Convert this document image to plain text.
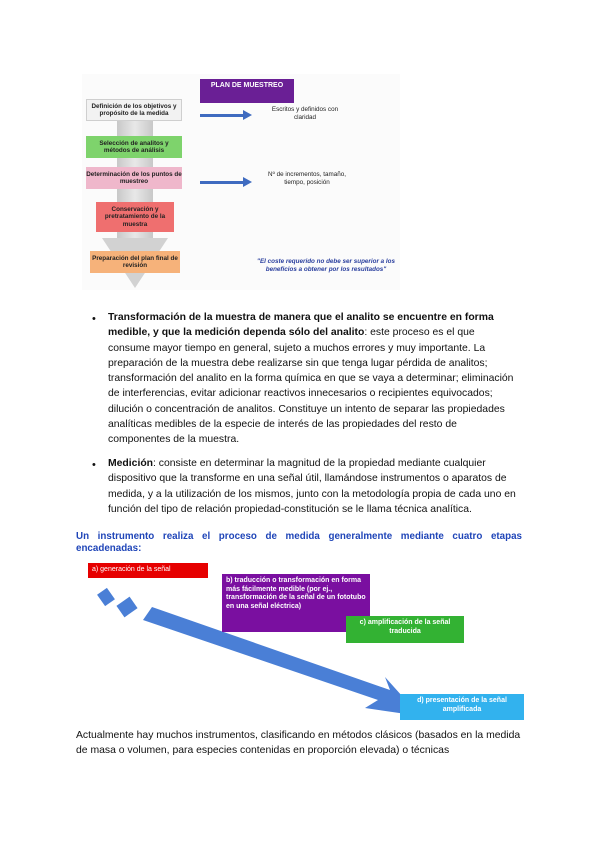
PLAN DE MUESTREO
Definición de los objetivos y propósito de la medida
Selección de analitos y métodos de análisis
Determinación de los puntos de muestreo
Conservación y pretratamiento de la muestra
Preparación del plan final de revisión
Escritos y definidos con claridad
Nº de incrementos, tamaño, tiempo, posición
"El coste requerido no debe ser superior a los beneficios a obtener por los resultados"
• Transformación de la muestra de manera que el analito se encuentre en forma medible, y que la medición dependa sólo del analito: este proceso es el que consume mayor tiempo en general, sujeto a muchos errores y muy importante. La preparación de la muestra debe realizarse sin que tenga lugar pérdida de analitos; transformación del analito en la forma química en que se vaya a determinar; eliminación de interferencias, evitar adicionar reactivos innecesarios o recipientes equivocados; dilución o concentración de analitos. Constituye un intento de separar las propiedades analíticas medibles de la especie de interés de las propiedades del resto de componentes de la muestra.
• Medición: consiste en determinar la magnitud de la propiedad mediante cualquier dispositivo que la transforme en una señal útil, llamándose instrumentos o aparatos de medida, y a la utilización de los mismos, junto con la metodología propia de cada uno en función del tipo de relación propiedad-constitución se le llama técnica analítica.
Un instrumento realiza el proceso de medida generalmente mediante cuatro etapas encadenadas:
a) generación de la señal
b) traducción o transformación en forma más fácilmente medible (por ej., transformación de la señal de un fototubo en una señal eléctrica)
c) amplificación de la señal traducida
d) presentación de la señal amplificada
Actualmente hay muchos instrumentos, clasificando en métodos clásicos (basados en la medida de masa o volumen, para especies contenidas en proporción elevada) o técnicas
